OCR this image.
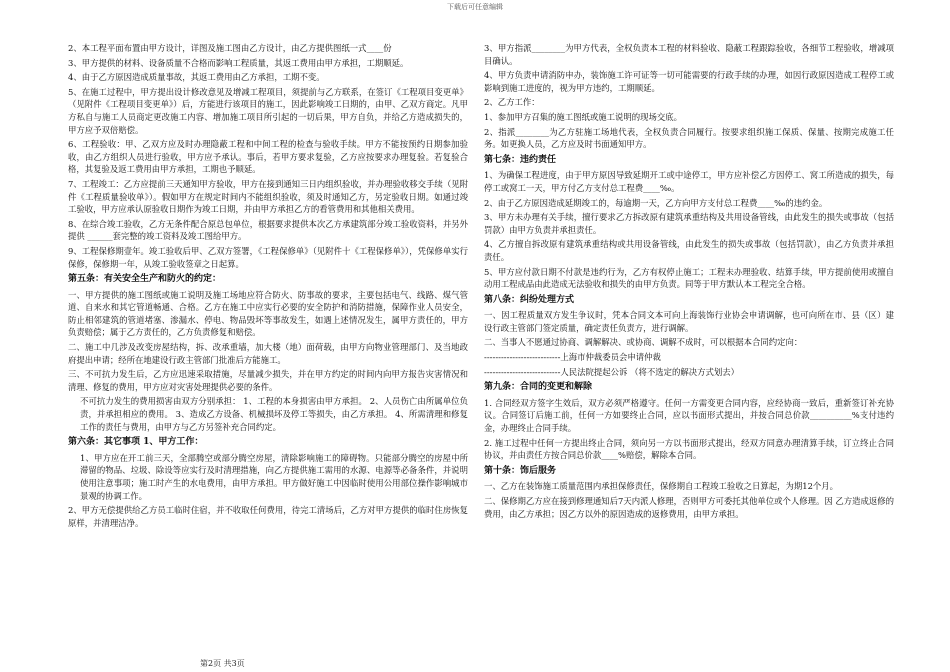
下载后可任意编辑

2、本工程平面布置由甲方设计，详图及施工图由乙方设计，由乙方提供图纸一式____份

3、甲方提供的材料、设备质量不合格而影响工程质量，其返工费用由甲方承担，工期顺延。

4、由于乙方原因造成质量事故，其返工费用由乙方承担，工期不变。

5、在施工过程中，甲方提出设计修改意见及增减工程项目，须提前与乙方联系，在签订《工程项目变更单》（见附件《工程项目变更单》）后，方能进行该项目的施工，因此影响竣工日期的，由甲、乙双方商定。凡甲方私自与施工人员商定更改施工内容、增加施工项目所引起的一切后果，甲方自负，并给乙方造成损失的，甲方应予双倍赔偿。

6、工程验收：甲、乙双方应及时办理隐蔽工程和中间工程的检查与验收手续。甲方不能按预约日期参加验收，由乙方组织人员进行验收，甲方应予承认。事后，若甲方要求复验，乙方应按要求办理复验。若复验合格，其复验及返工费用由甲方承担，工期也予顺延。

7、工程竣工：乙方应提前三天通知甲方验收，甲方在接到通知三日内组织验收，并办理验收移交手续（见附件《工程质量验收单》）。假如甲方在规定时间内不能组织验收，须及时通知乙方，另定验收日期。如通过竣工验收，甲方应承认原验收日期作为竣工日期，并由甲方承担乙方的看管费用和其他相关费用。

8、在综合竣工验收，乙方无条件配合原总包单位，根据要求提供本次乙方承建筑部分竣工验收资料，并另外提供 ______套完整的竣工资料及竣工图给甲方。

9、工程保修期壹年。竣工验收后甲、乙双方签署，《工程保修单》（见附件十《工程保修单》），凭保修单实行保修，保修期一年，从竣工验收签章之日起算。

第五条：有关安全生产和防火的约定：

一、甲方提供的施工图纸或施工说明及施工场地应符合防火、防事故的要求，主要包括电气、线路、煤气管道、自来水和其它管道畅通、合格。乙方在施工中应实行必要的安全防护和消防措施，保障作业人员安全，防止相邻建筑的管道堵塞、渗漏水、停电、物品毁坏等事故发生，如遇上述情况发生，属甲方责任的，甲方负责赔偿；属于乙方责任的，乙方负责修复和赔偿。

二、施工中几涉及改变房屋结构，拆、改承重墙，加大楼（地）面荷载，由甲方向物业管理部门、及当地政府提出申请；经所在地建设行政主管部门批准后方能施工。

三、不可抗力发生后，乙方应迅速采取措施，尽量减少损失，并在甲方约定的时间内向甲方报告灾害情况和清理、修复的费用，甲方应对灾害处理提供必要的条件。

不可抗力发生的费用损害由双方分别承担： 1、工程的本身损害由甲方承担。 2、人员伤亡由所属单位负责，并承担相应的费用。 3、造成乙方设备、机械损坏及停工等损失，由乙方承担。 4、所需清理和修复工作的责任与费用，由甲方与乙方另签补充合同约定。

第六条：其它事项 1、甲方工作：

1、甲方应在开工前三天，全部腾空或部分腾空房屋，清除影响施工的障碍物。只能部分腾空的房屋中所滞留的物品、垃圾、除设等应实行及时清理措施，向乙方提供施工需用的水源、电源等必备条件，并说明使用注意事项；施工时产生的水电费用，由甲方承担。甲方做好施工中因临时使用公用部位操作影响城市景观的协调工作。

2、甲方无偿提供给乙方员工临时住宿，并不收取任何费用，待完工清场后，乙方对甲方提供的临时住房恢复原样，并清理洁净。

3、甲方指派________为甲方代表，全权负责本工程的材料验收、隐蔽工程跟踪验收，各细节工程验收，增减项目确认。

4、甲方负责申请消防申办，装饰施工许可证等一切可能需要的行政手续的办理，如因行政原因造成工程停工或影响到施工进度的，视为甲方违约，工期顺延。

2、乙方工作：

1、参加甲方召集的施工图纸或施工说明的现场交底。

2、指派________为乙方驻施工场地代表，全权负责合同履行。按要求组织施工保质、保量、按期完成施工任务。如更换人员，乙方应及时书面通知甲方。

第七条：违约责任

1、为确保工程进度，由于甲方原因导致延期开工或中途停工，甲方应补偿乙方因停工、窝工所造成的损失，每 停工或窝工一天，甲方付乙方支付总工程费____‰。

2、由于乙方原因造成延期竣工的，每逾期一天，乙方向甲方支付总工程费____‰的违约金。

3、甲方未办理有关手续，擅行要求乙方拆改原有建筑承重结构及共用设备管线，由此发生的损失或事故（包括罚款）由甲方负责并承担责任。

4、乙方擅自拆改原有建筑承重结构或共用设备管线，由此发生的损失或事故（包括罚款），由乙方负责并承担责任。

5、甲方应付款日期不付款是违约行为，乙方有权停止施工；工程未办理验收、结算手续，甲方提前使用或擅自动用工程成品由此造成无法验收和损失的由甲方负责。同等于甲方默认本工程完全合格。

第八条：纠纷处理方式

一、因工程质量双方发生争议时，凭本合同文本可向上海装饰行业协会申请调解，也可向所在市、县（区）建设行政主管部门签定质量，确定责任负责方，进行调解。

二、当事人不愿通过协商、调解解决、或协商、调解不成时，可以根据本合同约定向：

---------------------------上海市仲裁委员会申请仲裁

---------------------------人民法院提起公诉 （将不选定的解决方式划去）

第九条：合同的变更和解除

1. 合同经双方签字生效后，双方必须严格遵守。任何一方需变更合同内容，应经协商一致后，重新签订补充协议。合同签订后施工前，任何一方如要终止合同，应以书面形式提出，并按合同总价款__________%支付违约金，办理终止合同手续。

2. 施工过程中任何一方提出终止合同，须向另一方以书面形式提出，经双方同意办理清算手续，订立终止合同协议，并由责任方按合同总价款____%赔偿，解除本合同。

第十条：饰后服务

一、乙方在装饰施工质量范围内承担保修责任，保修期自工程竣工验收之日算起，为期12个月。

二、保修期乙方应在接到修理通知后7天内派人修理，否则甲方可委托其他单位或个人修理。因 乙方造成返修的费用，由乙方承担；因乙方以外的原因造成的返修费用，由甲方承担。

第2页 共3页
